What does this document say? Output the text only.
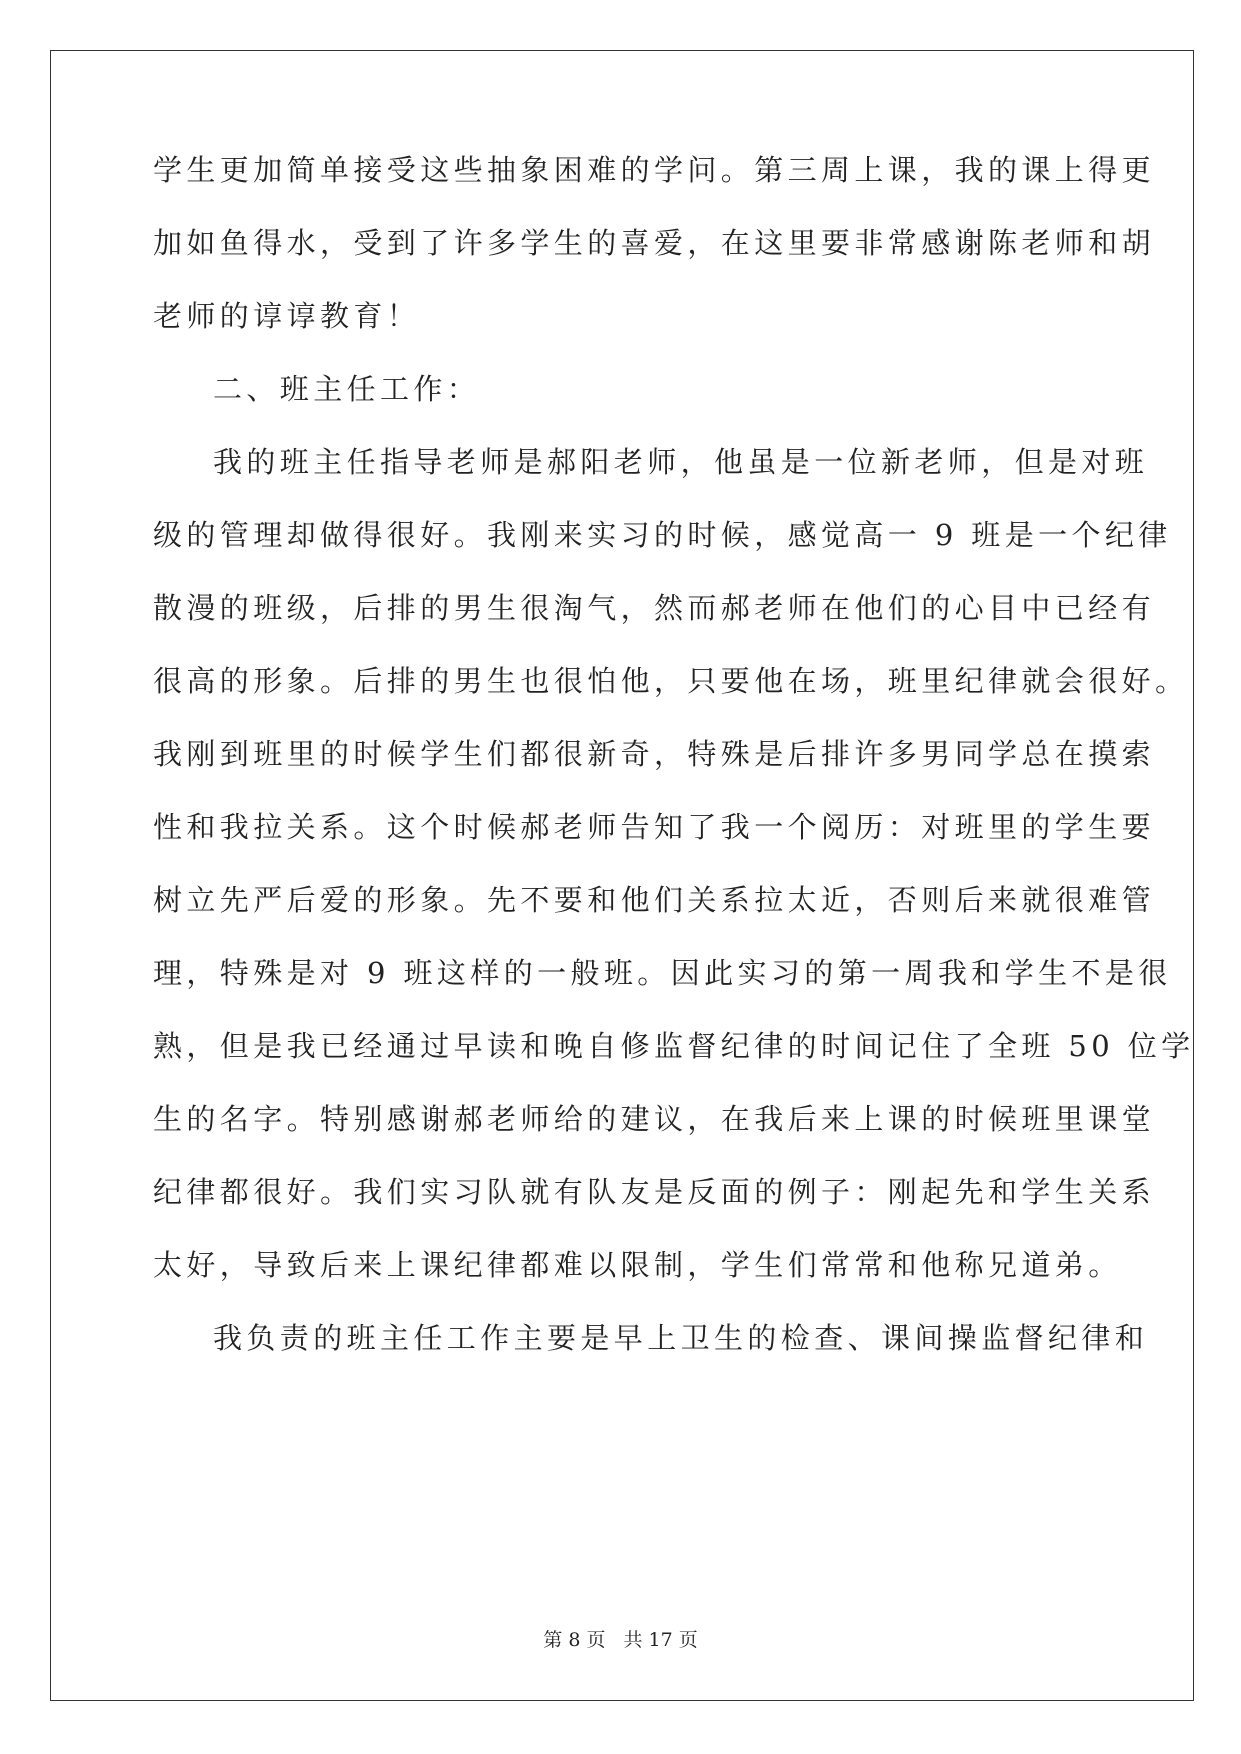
学生更加简单接受这些抽象困难的学问。第三周上课，我的课上得更
加如鱼得水，受到了许多学生的喜爱，在这里要非常感谢陈老师和胡
老师的谆谆教育！
二、班主任工作：
我的班主任指导老师是郝阳老师，他虽是一位新老师，但是对班
级的管理却做得很好。我刚来实习的时候，感觉高一 9 班是一个纪律
散漫的班级，后排的男生很淘气，然而郝老师在他们的心目中已经有
很高的形象。后排的男生也很怕他，只要他在场，班里纪律就会很好。
我刚到班里的时候学生们都很新奇，特殊是后排许多男同学总在摸索
性和我拉关系。这个时候郝老师告知了我一个阅历：对班里的学生要
树立先严后爱的形象。先不要和他们关系拉太近，否则后来就很难管
理，特殊是对 9 班这样的一般班。因此实习的第一周我和学生不是很
熟，但是我已经通过早读和晚自修监督纪律的时间记住了全班 50 位学
生的名字。特别感谢郝老师给的建议，在我后来上课的时候班里课堂
纪律都很好。我们实习队就有队友是反面的例子：刚起先和学生关系
太好，导致后来上课纪律都难以限制，学生们常常和他称兄道弟。
我负责的班主任工作主要是早上卫生的检查、课间操监督纪律和
第 8 页 共 17 页
